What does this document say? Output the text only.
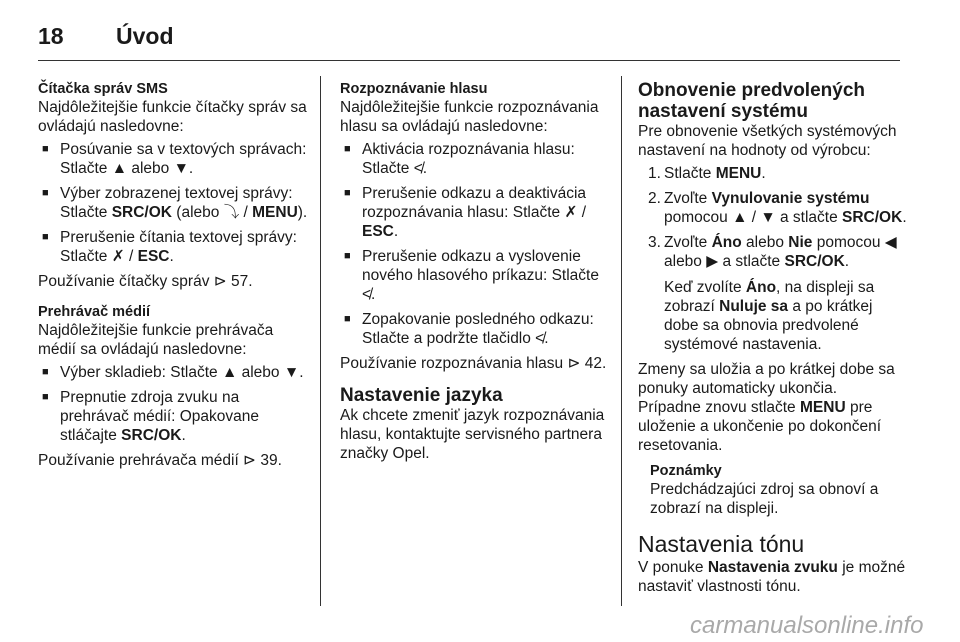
18	Úvod

Čítačka správ SMS

Najdôležitejšie funkcie čítačky správ sa ovládajú nasledovne:

■ Posúvanie sa v textových správach: Stlačte ▲ alebo ▼.
■ Výber zobrazenej textovej správy: Stlačte SRC/OK (alebo ⤵ / MENU).
■ Prerušenie čítania textovej správy: Stlačte ✗ / ESC.

Používanie čítačky správ ⊳ 57.

Prehrávač médií

Najdôležitejšie funkcie prehrávača médií sa ovládajú nasledovne:

■ Výber skladieb: Stlačte ▲ alebo ▼.
■ Prepnutie zdroja zvuku na prehrávač médií: Opakovane stláčajte SRC/OK.

Používanie prehrávača médií ⊳ 39.

Rozpoznávanie hlasu

Najdôležitejšie funkcie rozpoznávania hlasu sa ovládajú nasledovne:

■ Aktivácia rozpoznávania hlasu: Stlačte ≮.
■ Prerušenie odkazu a deaktivácia rozpoznávania hlasu: Stlačte ✗ / ESC.
■ Prerušenie odkazu a vyslovenie nového hlasového príkazu: Stlačte ≮.
■ Zopakovanie posledného odkazu: Stlačte a podržte tlačidlo ≮.

Používanie rozpoznávania hlasu ⊳ 42.

Nastavenie jazyka

Ak chcete zmeniť jazyk rozpoznávania hlasu, kontaktujte servisného partnera značky Opel.

Obnovenie predvolených nastavení systému

Pre obnovenie všetkých systémových nastavení na hodnoty od výrobcu:

1. Stlačte MENU.
2. Zvoľte Vynulovanie systému pomocou ▲ / ▼ a stlačte SRC/OK.
3. Zvoľte Áno alebo Nie pomocou ◀ alebo ▶ a stlačte SRC/OK.
Keď zvolíte Áno, na displeji sa zobrazí Nuluje sa a po krátkej dobe sa obnovia predvolené systémové nastavenia.

Zmeny sa uložia a po krátkej dobe sa ponuky automaticky ukončia.

Prípadne znovu stlačte MENU pre uloženie a ukončenie po dokončení resetovania.

Poznámky

Predchádzajúci zdroj sa obnoví a zobrazí na displeji.

Nastavenia tónu

V ponuke Nastavenia zvuku je možné nastaviť vlastnosti tónu.

carmanualsonline.info
